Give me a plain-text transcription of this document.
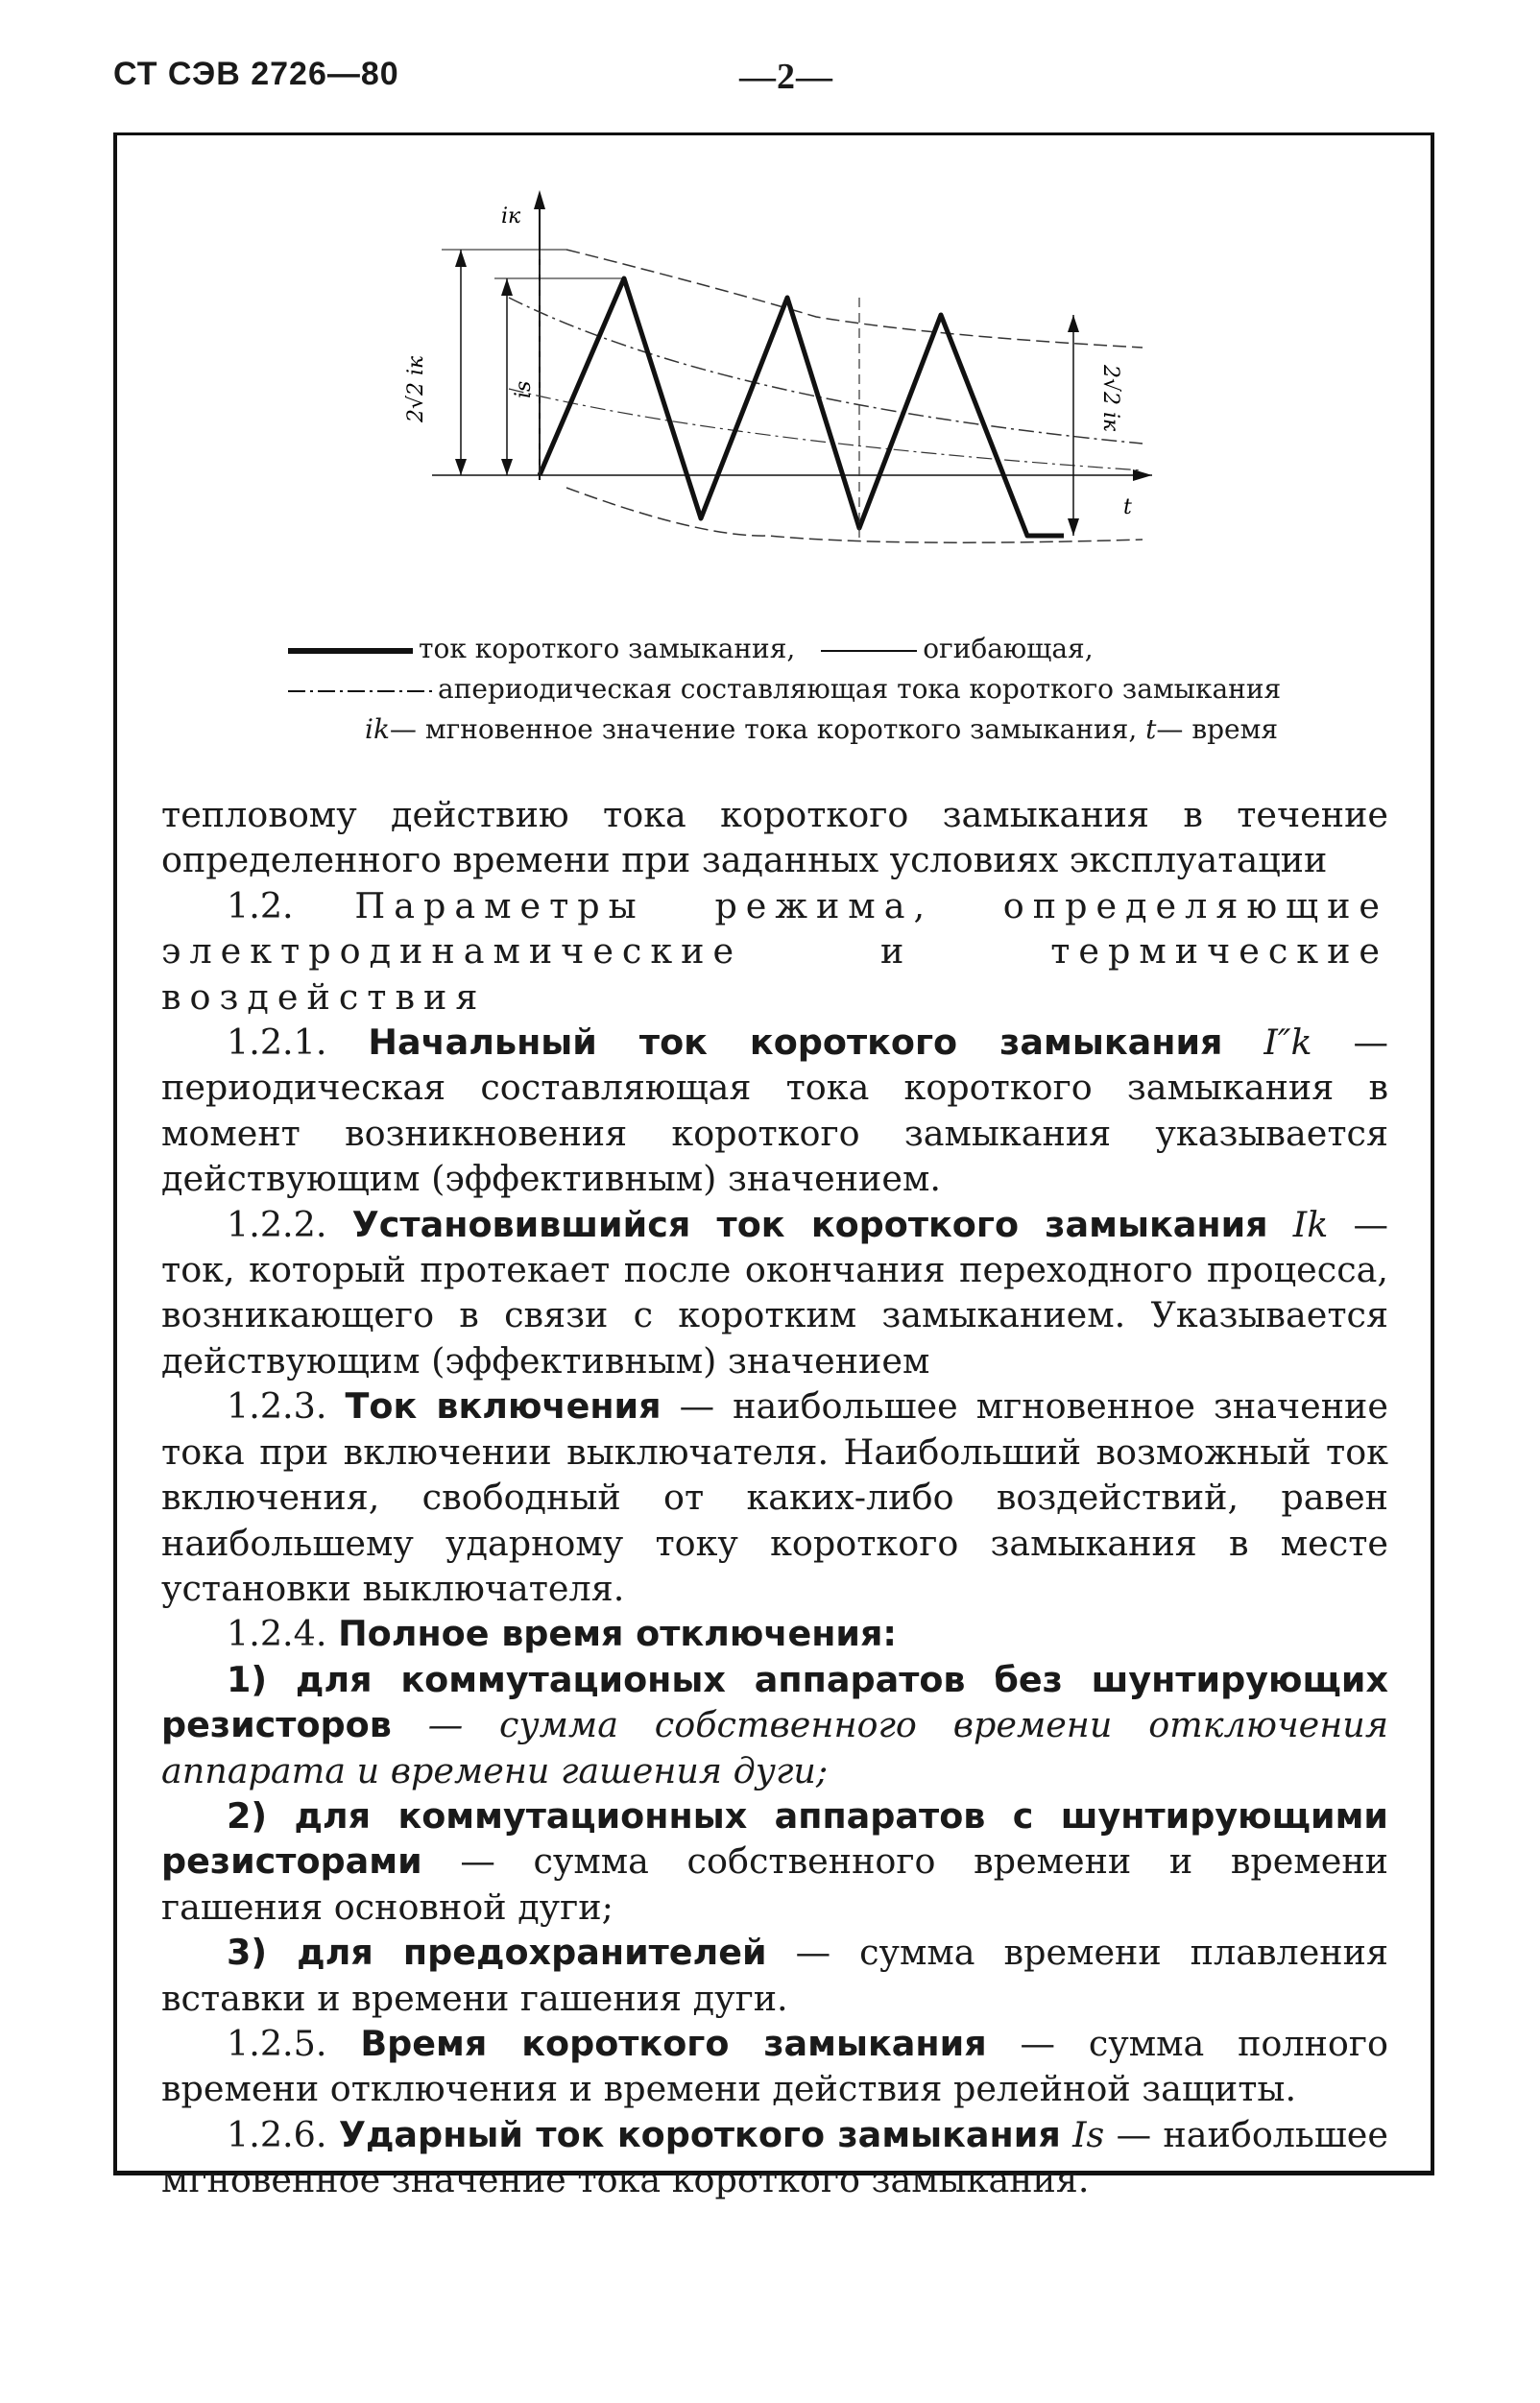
СТ СЭВ 2726—80	—2—
iк
t
2√2 iк	is	2√2 iк
ток короткого замыкания,	огибающая,
апериодическая составляющая тока короткого замыкания
ik— мгновенное значение тока короткого замыкания, t— время

тепловому действию тока короткого замыкания в течение определенного времени при заданных условиях эксплуатации

1.2. Параметры режима, определяющие электродинамические и термические воздействия

1.2.1. Начальный ток короткого замыкания I″k — периодическая составляющая тока короткого замыкания в момент возникновения короткого замыкания указывается действующим (эффективным) значением.

1.2.2. Установившийся ток короткого замыкания Ik — ток, который протекает после окончания переходного процесса, возникающего в связи с коротким замыканием. Указывается действующим (эффективным) значением

1.2.3. Ток включения — наибольшее мгновенное значение тока при включении выключателя. Наибольший возможный ток включения, свободный от каких-либо воздействий, равен наибольшему ударному току короткого замыкания в месте установки выключателя.

1.2.4. Полное время отключения:

1) для коммутационых аппаратов без шунтирующих резисторов — сумма собственного времени отключения аппарата и времени гашения дуги;

2) для коммутационных аппаратов с шунтирующими резисторами — сумма собственного времени и времени гашения основной дуги;

3) для предохранителей — сумма времени плавления вставки и времени гашения дуги.

1.2.5. Время короткого замыкания — сумма полного времени отключения и времени действия релейной защиты.

1.2.6. Ударный ток короткого замыкания Is — наибольшее мгновенное значение тока короткого замыкания.
